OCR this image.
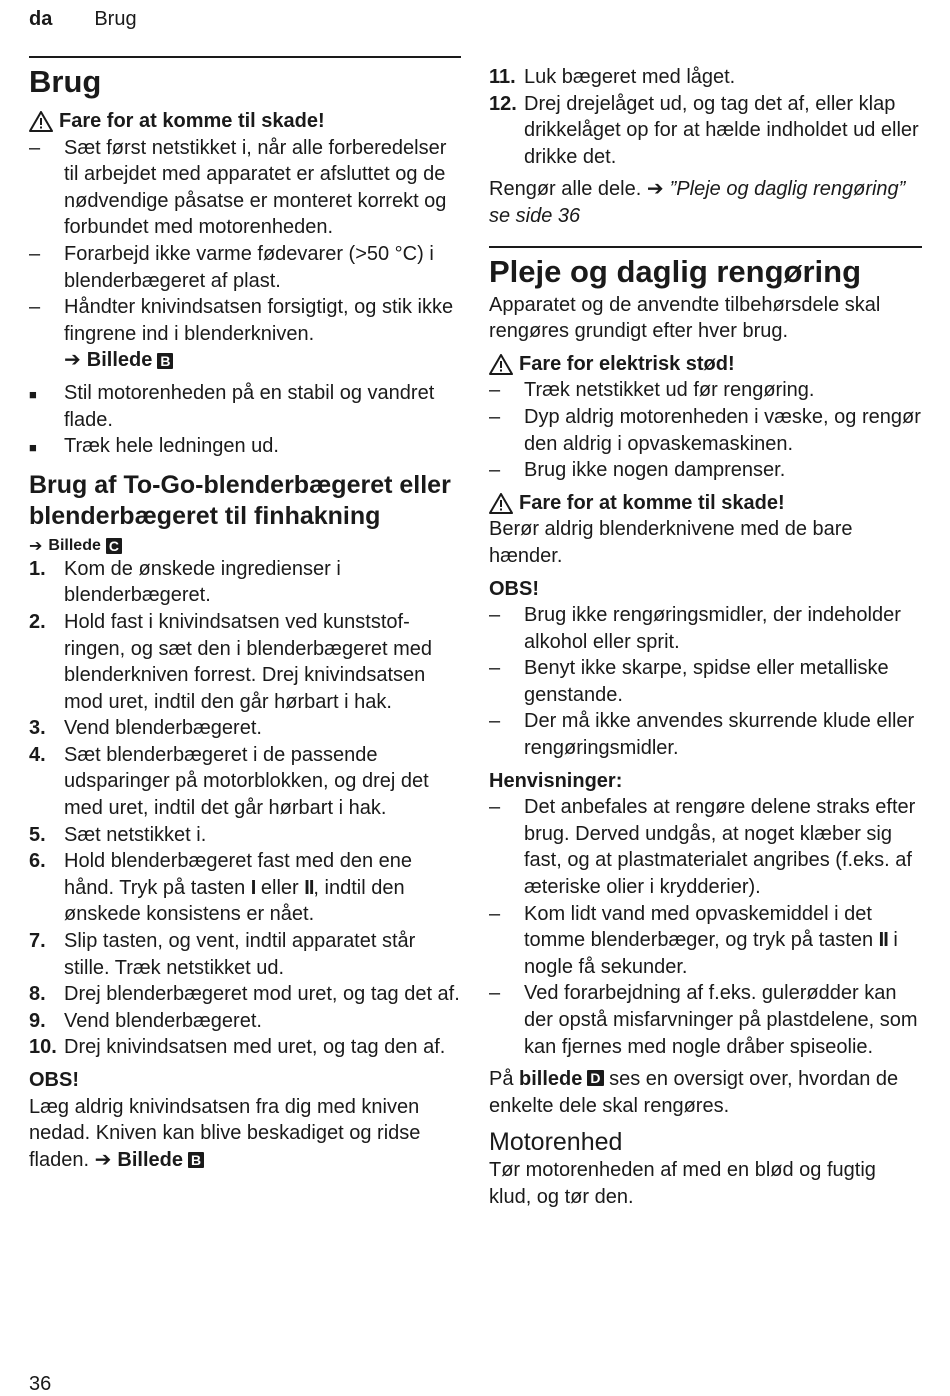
da Brug
Brug
Fare for at komme til skade!
–	Sæt først netstikket i, når alle forberedelser til arbejdet med apparatet er afsluttet og de nødvendige påsatse er monteret korrekt og forbundet med motorenheden.
–	Forarbejd ikke varme fødevarer (>50 °C) i blenderbægeret af plast.
–	Håndter knivindsatsen forsigtigt, og stik ikke fingrene ind i blenderkniven.

➔ Billede B
■	Stil motorenheden på en stabil og vandret flade.
■	Træk hele ledningen ud.
Brug af To-Go-blenderbægeret eller blenderbægeret til finhakning
➔ Billede C
1. Kom de ønskede ingredienser i blenderbægeret.
2. Hold fast i knivindsatsen ved kunststofringen, og sæt den i blenderbægeret med blenderkniven forrest. Drej knivindsatsen mod uret, indtil den går hørbart i hak.
3. Vend blenderbægeret.
4. Sæt blenderbægeret i de passende udsparinger på motorblokken, og drej det med uret, indtil det går hørbart i hak.
5. Sæt netstikket i.
6. Hold blenderbægeret fast med den ene hånd. Tryk på tasten I eller II, indtil den ønskede konsistens er nået.
7. Slip tasten, og vent, indtil apparatet står stille. Træk netstikket ud.
8. Drej blenderbægeret mod uret, og tag det af.
9. Vend blenderbægeret.
10. Drej knivindsatsen med uret, og tag den af.

OBS!

Læg aldrig knivindsatsen fra dig med kniven nedad. Kniven kan blive beskadiget og ridse fladen. ➔ Billede B

11. Luk bægeret med låget.
12. Drej drejelåget ud, og tag det af, eller klap drikkelåget op for at hælde indholdet ud eller drikke det.

Rengør alle dele. ➔ ”Pleje og daglig rengøring” se side 36

Pleje og daglig rengøring

Apparatet og de anvendte tilbehørsdele skal rengøres grundigt efter hver brug.

Fare for elektrisk stød!
–	Træk netstikket ud før rengøring.
–	Dyp aldrig motorenheden i væske, og rengør den aldrig i opvaskemaskinen.
–	Brug ikke nogen damprenser.
Fare for at komme til skade!

Berør aldrig blenderknivene med de bare hænder.

OBS!

–	Brug ikke rengøringsmidler, der indeholder alkohol eller sprit.
–	Benyt ikke skarpe, spidse eller metalliske genstande.
–	Der må ikke anvendes skurrende klude eller rengøringsmidler.

Henvisninger:

–	Det anbefales at rengøre delene straks efter brug. Derved undgås, at noget klæber sig fast, og at plastmaterialet angribes (f.eks. af æteriske olier i krydderier).
–	Kom lidt vand med opvaskemiddel i det tomme blenderbæger, og tryk på tasten II i nogle få sekunder.
–	Ved forarbejdning af f.eks. gulerødder kan der opstå misfarvninger på plastdelene, som kan fjernes med nogle dråber spiseolie.

På billede D ses en oversigt over, hvordan de enkelte dele skal rengøres.

Motorenhed

Tør motorenheden af med en blød og fugtig klud, og tør den.

36
